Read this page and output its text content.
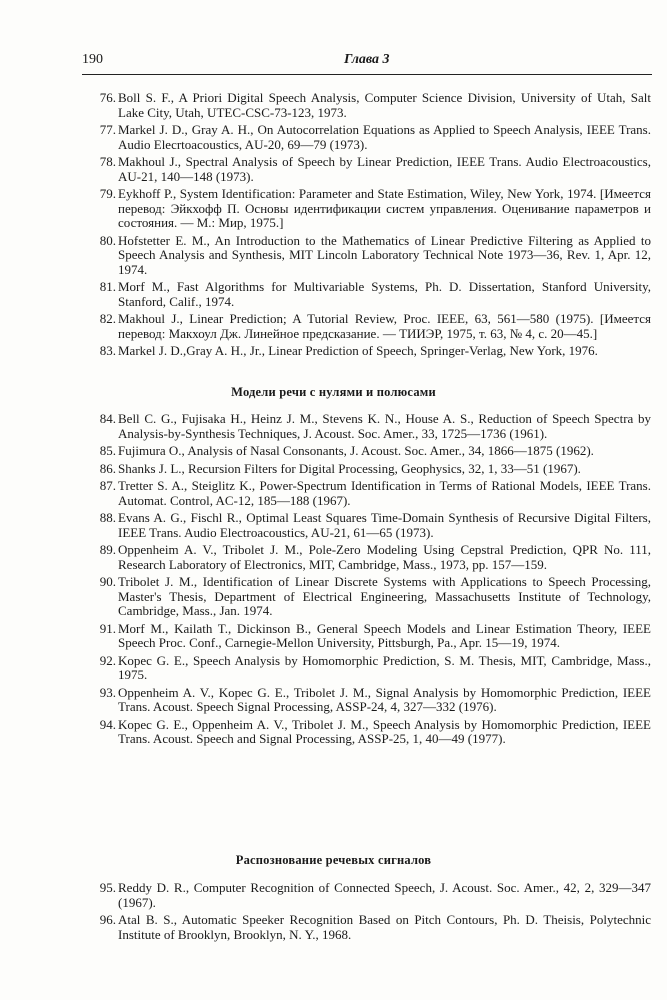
190	Глава 3
76. Boll S. F., A Priori Digital Speech Analysis, Computer Science Division, University of Utah, Salt Lake City, Utah, UTEC-CSC-73-123, 1973.
77. Markel J. D., Gray A. H., On Autocorrelation Equations as Applied to Speech Analysis, IEEE Trans. Audio Elecrtoacoustics, AU-20, 69—79 (1973).
78. Makhoul J., Spectral Analysis of Speech by Linear Prediction, IEEE Trans. Audio Electroacoustics, AU-21, 140—148 (1973).
79. Eykhoff P., System Identification: Parameter and State Estimation, Wiley, New York, 1974. [Имеется перевод: Эйкхофф П. Основы идентификации систем управления. Оценивание параметров и состояния. — М.: Мир, 1975.]
80. Hofstetter E. M., An Introduction to the Mathematics of Linear Predictive Filtering as Applied to Speech Analysis and Synthesis, MIT Lincoln Laboratory Technical Note 1973—36, Rev. 1, Apr. 12, 1974.
81. Morf M., Fast Algorithms for Multivariable Systems, Ph. D. Dissertation, Stanford University, Stanford, Calif., 1974.
82. Makhoul J., Linear Prediction; A Tutorial Review, Proc. IEEE, 63, 561—580 (1975). [Имеется перевод: Макхоул Дж. Линейное предсказание. — ТИИЭР, 1975, т. 63, № 4, с. 20—45.]
83. Markel J. D.,Gray A. H., Jr., Linear Prediction of Speech, Springer-Verlag, New York, 1976.
Модели речи с нулями и полюсами
84. Bell C. G., Fujisaka H., Heinz J. M., Stevens K. N., House A. S., Reduction of Speech Spectra by Analysis-by-Synthesis Techniques, J. Acoust. Soc. Amer., 33, 1725—1736 (1961).
85. Fujimura O., Analysis of Nasal Consonants, J. Acoust. Soc. Amer., 34, 1866—1875 (1962).
86. Shanks J. L., Recursion Filters for Digital Processing, Geophysics, 32, 1, 33—51 (1967).
87. Tretter S. A., Steiglitz K., Power-Spectrum Identification in Terms of Rational Models, IEEE Trans. Automat. Control, AC-12, 185—188 (1967).
88. Evans A. G., Fischl R., Optimal Least Squares Time-Domain Synthesis of Recursive Digital Filters, IEEE Trans. Audio Electroacoustics, AU-21, 61—65 (1973).
89. Oppenheim A. V., Tribolet J. M., Pole-Zero Modeling Using Cepstral Prediction, QPR No. 111, Research Laboratory of Electronics, MIT, Cambridge, Mass., 1973, pp. 157—159.
90. Tribolet J. M., Identification of Linear Discrete Systems with Applications to Speech Processing, Master's Thesis, Department of Electrical Engineering, Massachusetts Institute of Technology, Cambridge, Mass., Jan. 1974.
91. Morf M., Kailath T., Dickinson B., General Speech Models and Linear Estimation Theory, IEEE Speech Proc. Conf., Carnegie-Mellon University, Pittsburgh, Pa., Apr. 15—19, 1974.
92. Kopec G. E., Speech Analysis by Homomorphic Prediction, S. M. Thesis, MIT, Cambridge, Mass., 1975.
93. Oppenheim A. V., Kopec G. E., Tribolet J. M., Signal Analysis by Homomorphic Prediction, IEEE Trans. Acoust. Speech Signal Processing, ASSP-24, 4, 327—332 (1976).
94. Kopec G. E., Oppenheim A. V., Tribolet J. M., Speech Analysis by Homomorphic Prediction, IEEE Trans. Acoust. Speech and Signal Processing, ASSP-25, 1, 40—49 (1977).
Распознование речевых сигналов
95. Reddy D. R., Computer Recognition of Connected Speech, J. Acoust. Soc. Amer., 42, 2, 329—347 (1967).
96. Atal B. S., Automatic Speeker Recognition Based on Pitch Contours, Ph. D. Theisis, Polytechnic Institute of Brooklyn, Brooklyn, N. Y., 1968.
